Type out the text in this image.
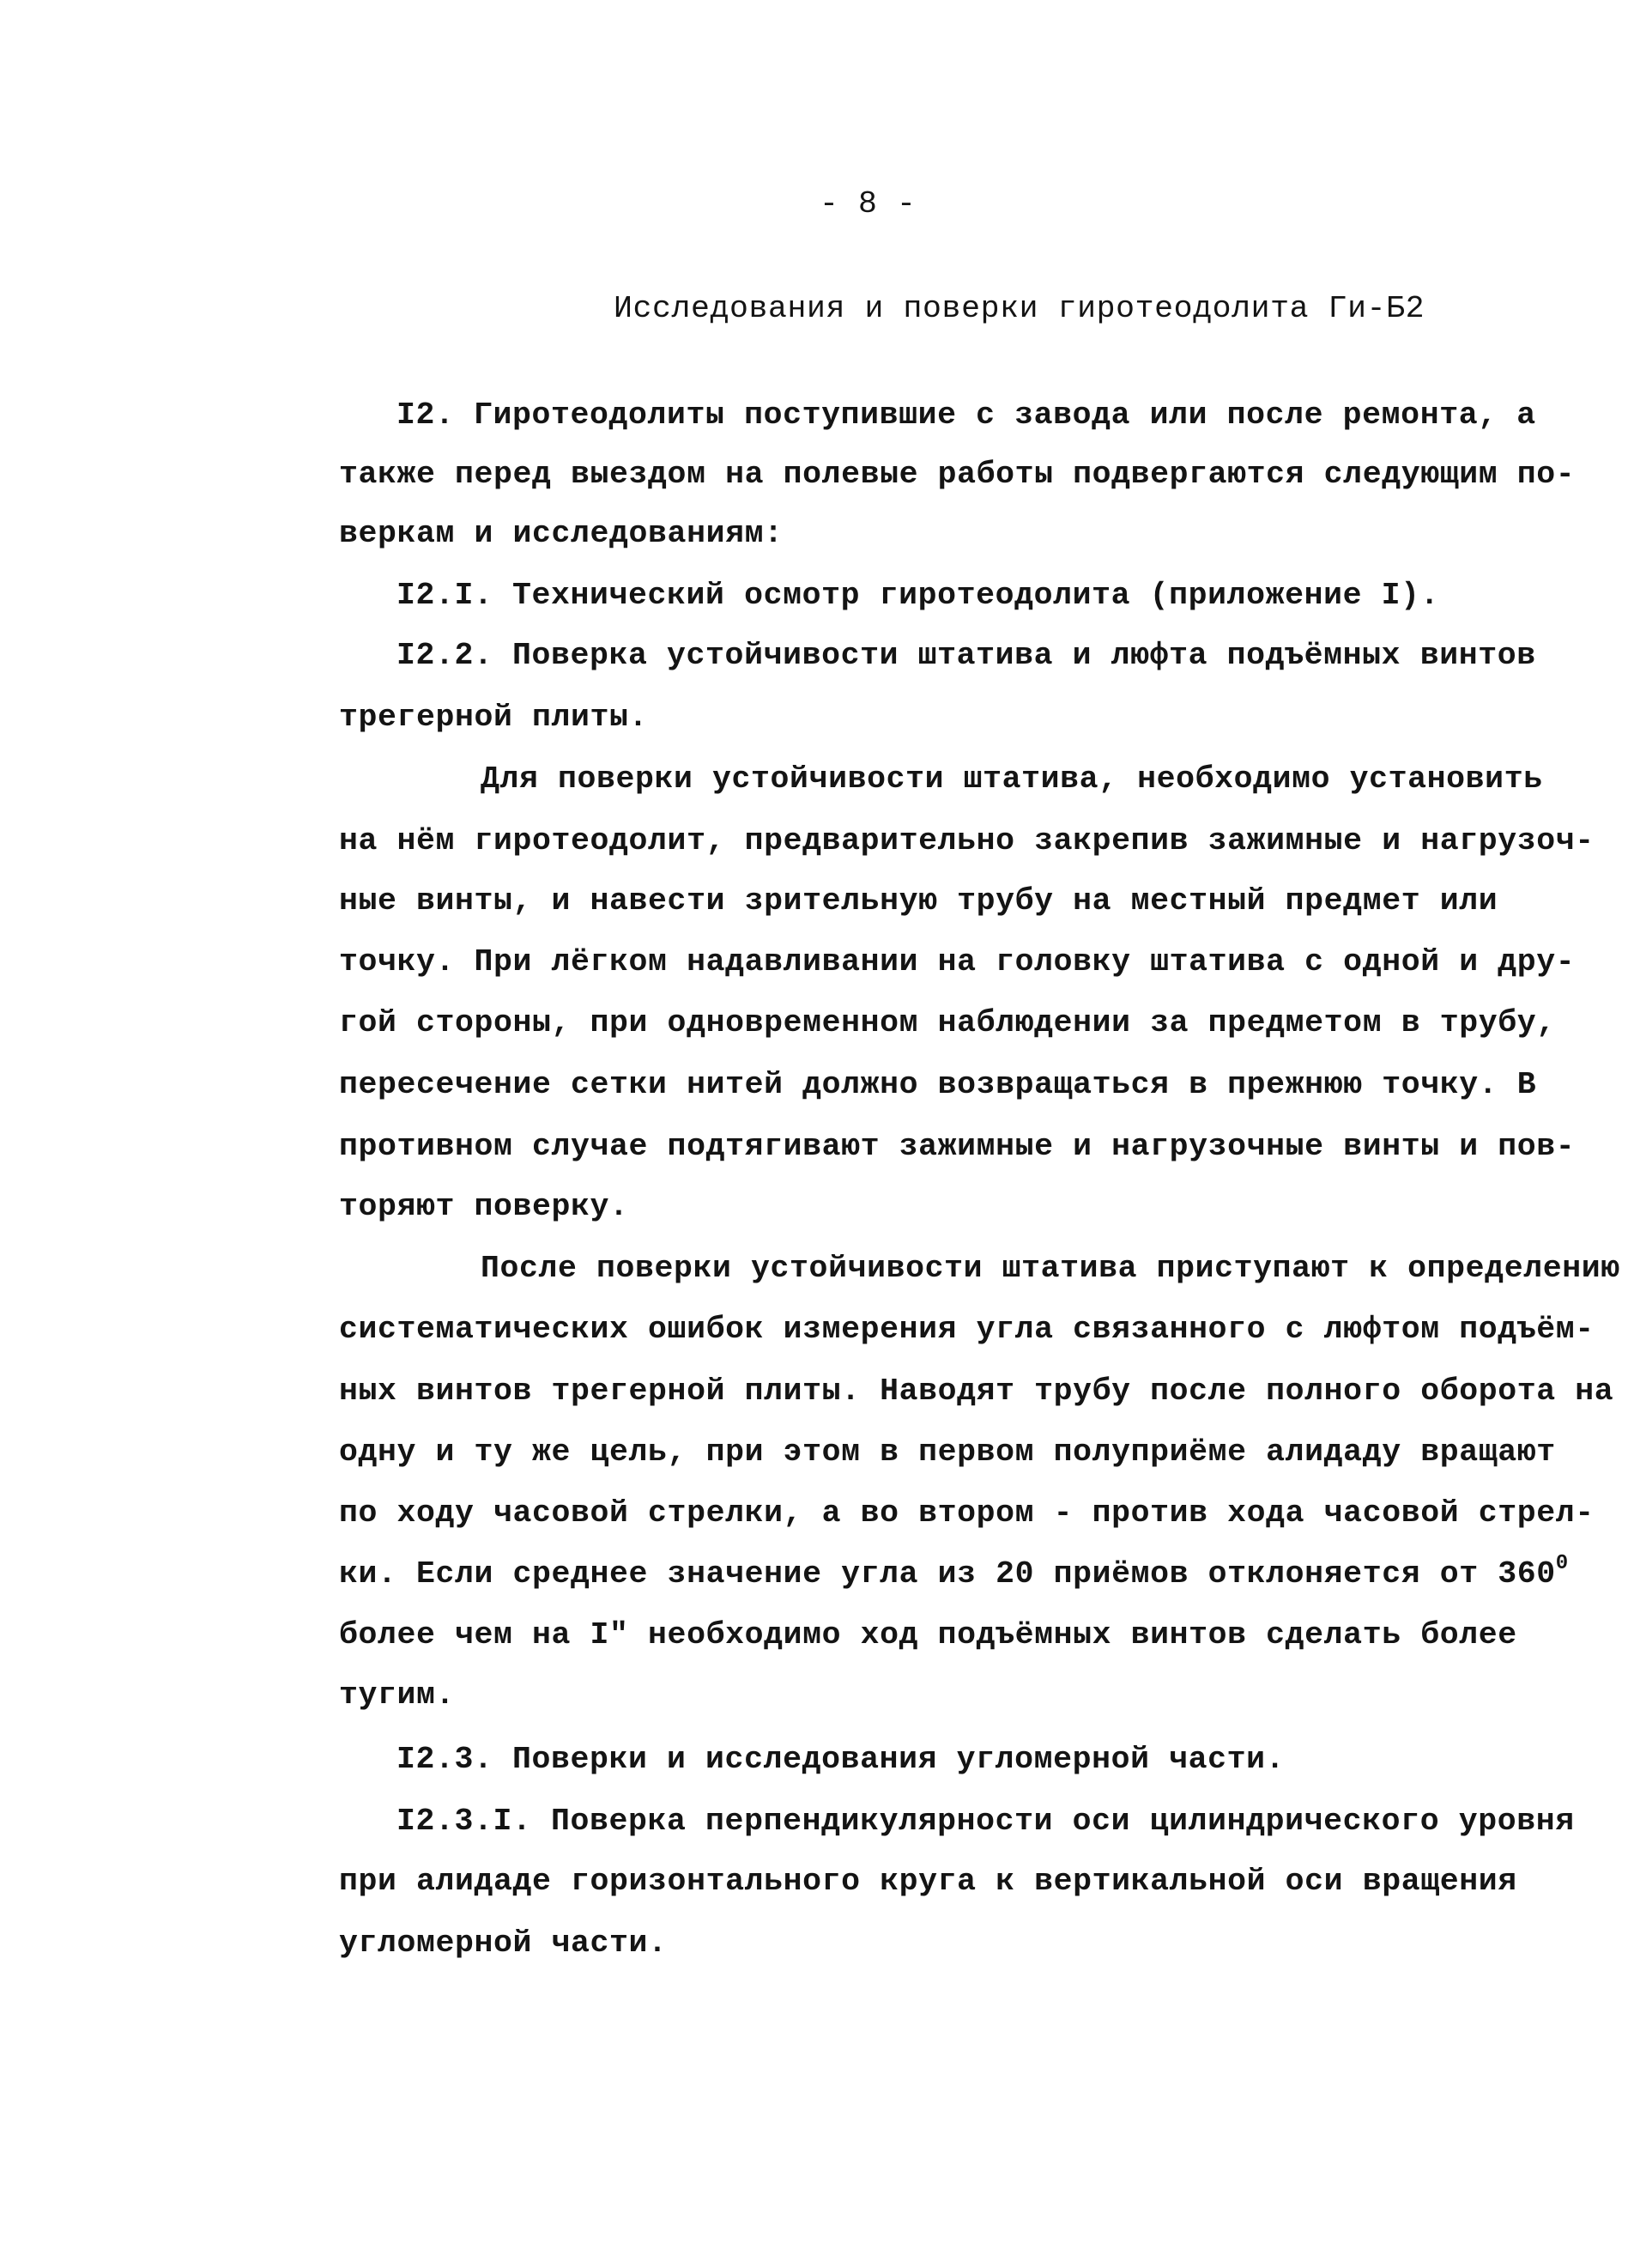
- 8 -
Исследования и поверки гиротеодолита Ги-Б2
I2. Гиротеодолиты поступившие с завода или после ремонта, а
также перед выездом на полевые работы подвергаются следующим по-
веркам и исследованиям:
I2.I. Технический осмотр гиротеодолита (приложение I).
I2.2. Поверка устойчивости штатива и люфта подъёмных винтов
трегерной плиты.
Для поверки устойчивости штатива, необходимо установить
на нём гиротеодолит, предварительно закрепив зажимные и нагрузоч-
ные винты, и навести зрительную трубу на местный предмет или
точку. При лёгком надавливании на головку штатива с одной и дру-
гой стороны, при одновременном наблюдении за предметом в трубу,
пересечение сетки нитей должно возвращаться в прежнюю точку. В
противном случае подтягивают зажимные и нагрузочные винты и пов-
торяют поверку.
После поверки устойчивости штатива приступают к определению
систематических ошибок измерения угла связанного с люфтом подъём-
ных винтов трегерной плиты. Наводят трубу после полного оборота на
одну и ту же цель, при этом в первом полуприёме алидаду вращают
по ходу часовой стрелки, а во втором - против хода часовой стрел-
ки. Если среднее значение угла из 20 приёмов отклоняется от $360^0$
более чем на I" необходимо ход подъёмных винтов сделать более
тугим.
I2.3. Поверки и исследования угломерной части.
I2.3.I. Поверка перпендикулярности оси цилиндрического уровня
при алидаде горизонтального круга к вертикальной оси вращения
угломерной части.
